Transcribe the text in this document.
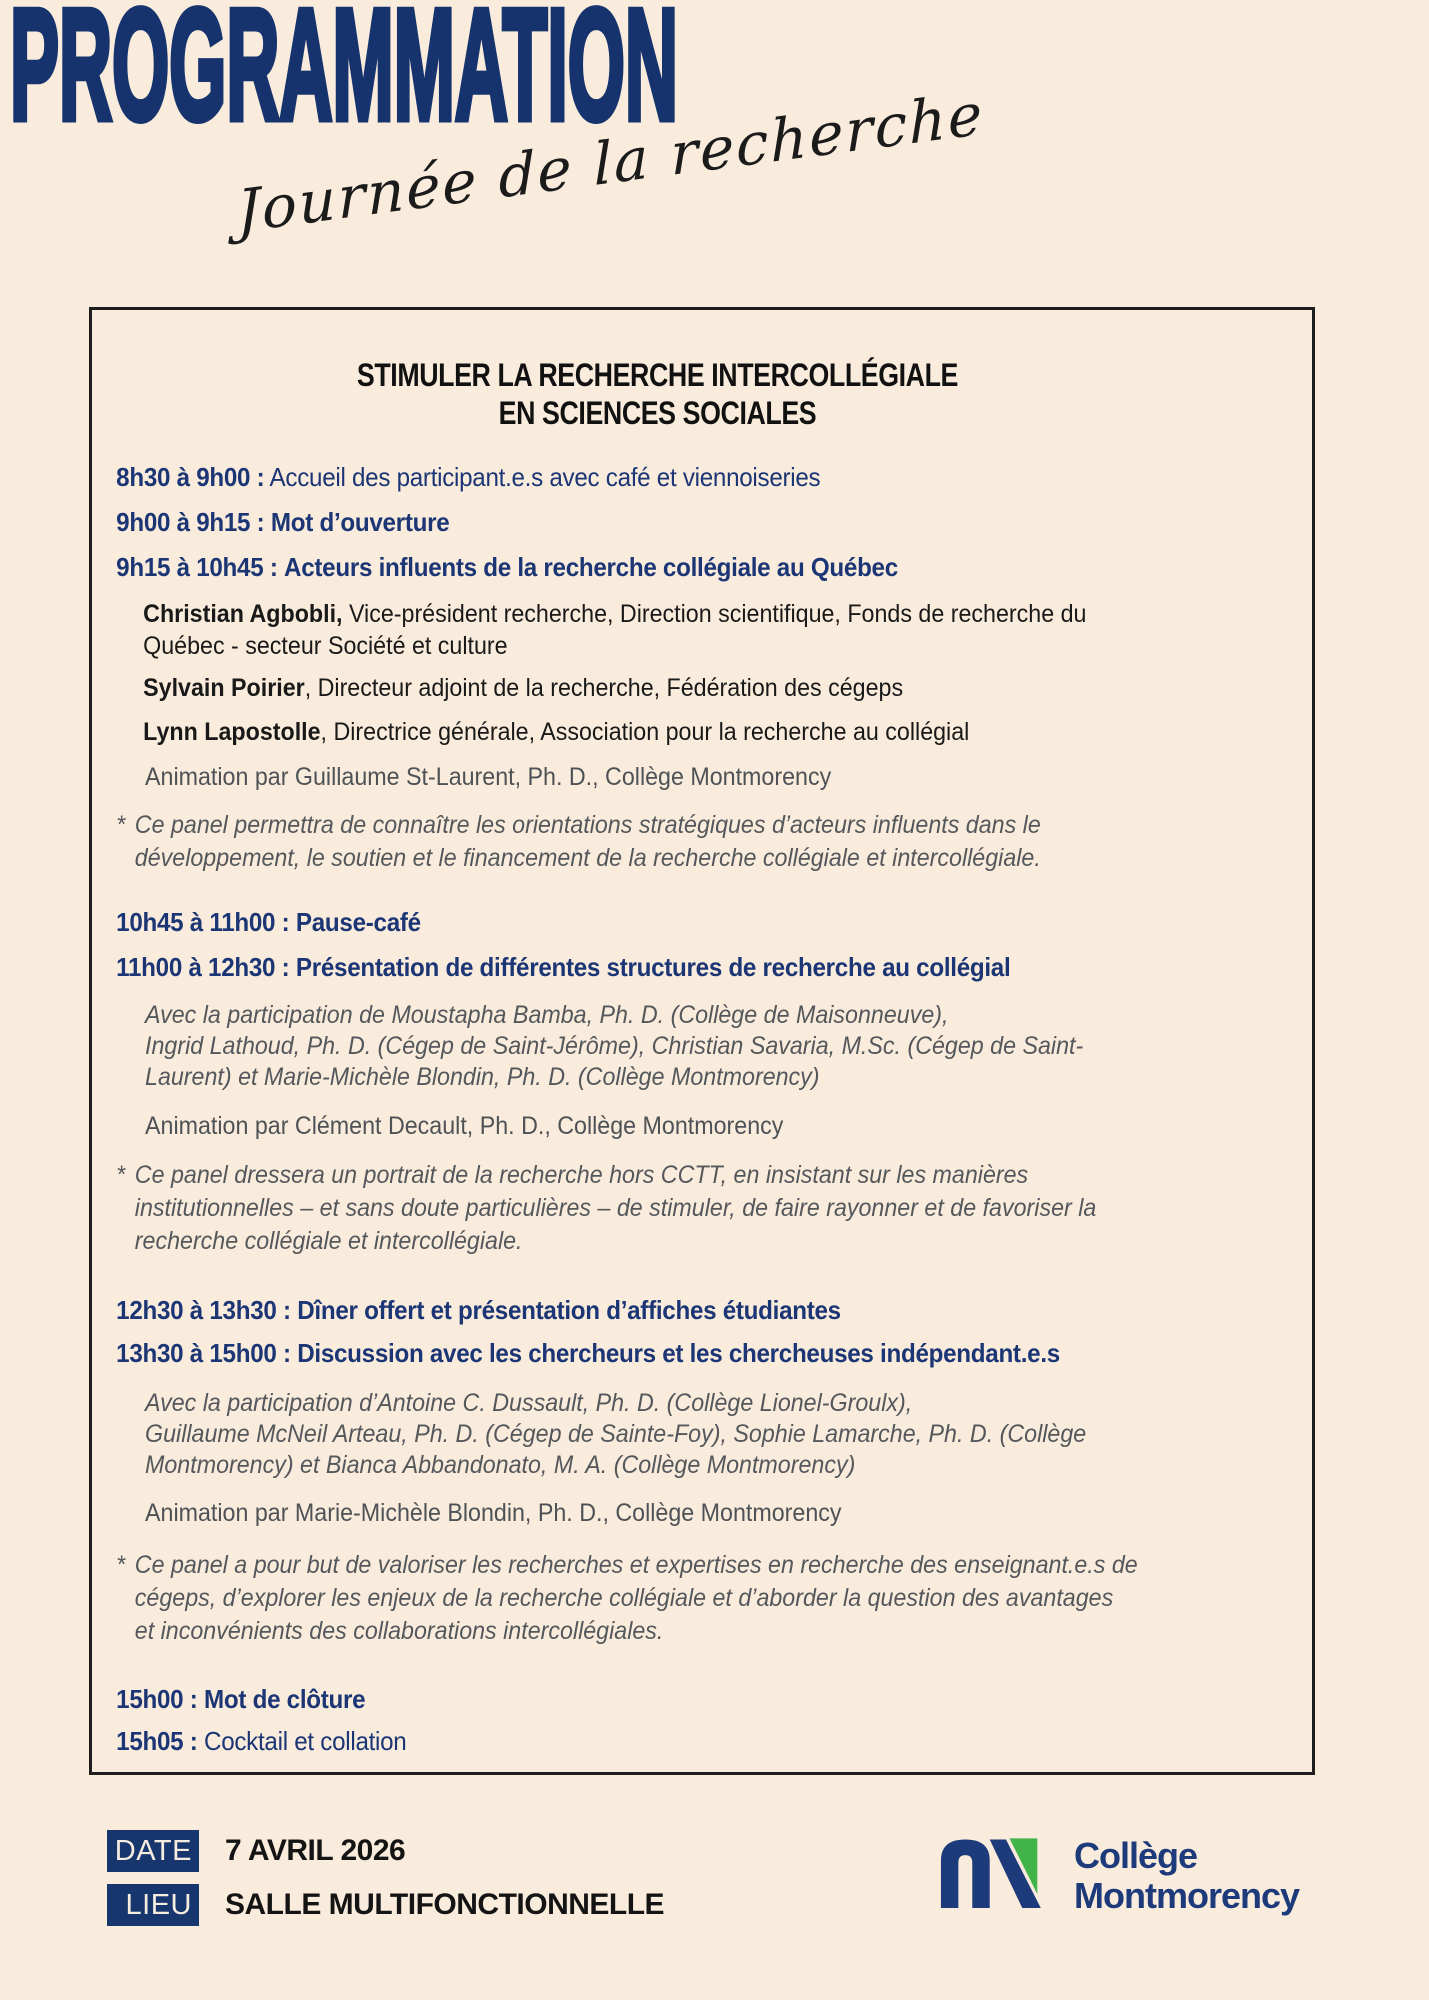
PROGRAMMATION
Journée de la recherche
STIMULER LA RECHERCHE INTERCOLLÉGIALE
EN SCIENCES SOCIALES
8h30 à 9h00 : Accueil des participant.e.s avec café et viennoiseries
9h00 à 9h15 : Mot d’ouverture
9h15 à 10h45 : Acteurs influents de la recherche collégiale au Québec
Christian Agbobli, Vice-président recherche, Direction scientifique, Fonds de recherche du
Québec - secteur Société et culture
Sylvain Poirier, Directeur adjoint de la recherche, Fédération des cégeps
Lynn Lapostolle, Directrice générale, Association pour la recherche au collégial
Animation par Guillaume St-Laurent, Ph. D., Collège Montmorency
* Ce panel permettra de connaître les orientations stratégiques d’acteurs influents dans le
développement, le soutien et le financement de la recherche collégiale et intercollégiale.
10h45 à 11h00 : Pause-café
11h00 à 12h30 : Présentation de différentes structures de recherche au collégial
Avec la participation de Moustapha Bamba, Ph. D. (Collège de Maisonneuve),
Ingrid Lathoud, Ph. D. (Cégep de Saint-Jérôme), Christian Savaria, M.Sc. (Cégep de Saint-
Laurent) et Marie-Michèle Blondin, Ph. D. (Collège Montmorency)
Animation par Clément Decault, Ph. D., Collège Montmorency
* Ce panel dressera un portrait de la recherche hors CCTT, en insistant sur les manières
institutionnelles – et sans doute particulières – de stimuler, de faire rayonner et de favoriser la
recherche collégiale et intercollégiale.
12h30 à 13h30 : Dîner offert et présentation d’affiches étudiantes
13h30 à 15h00 : Discussion avec les chercheurs et les chercheuses indépendant.e.s
Avec la participation d’Antoine C. Dussault, Ph. D. (Collège Lionel-Groulx),
Guillaume McNeil Arteau, Ph. D. (Cégep de Sainte-Foy), Sophie Lamarche, Ph. D. (Collège
Montmorency) et Bianca Abbandonato, M. A. (Collège Montmorency)
Animation par Marie-Michèle Blondin, Ph. D., Collège Montmorency
* Ce panel a pour but de valoriser les recherches et expertises en recherche des enseignant.e.s de
cégeps, d’explorer les enjeux de la recherche collégiale et d’aborder la question des avantages
et inconvénients des collaborations intercollégiales.
15h00 : Mot de clôture
15h05 : Cocktail et collation
DATE 7 AVRIL 2026
LIEU SALLE MULTIFONCTIONNELLE
Collège
Montmorency
